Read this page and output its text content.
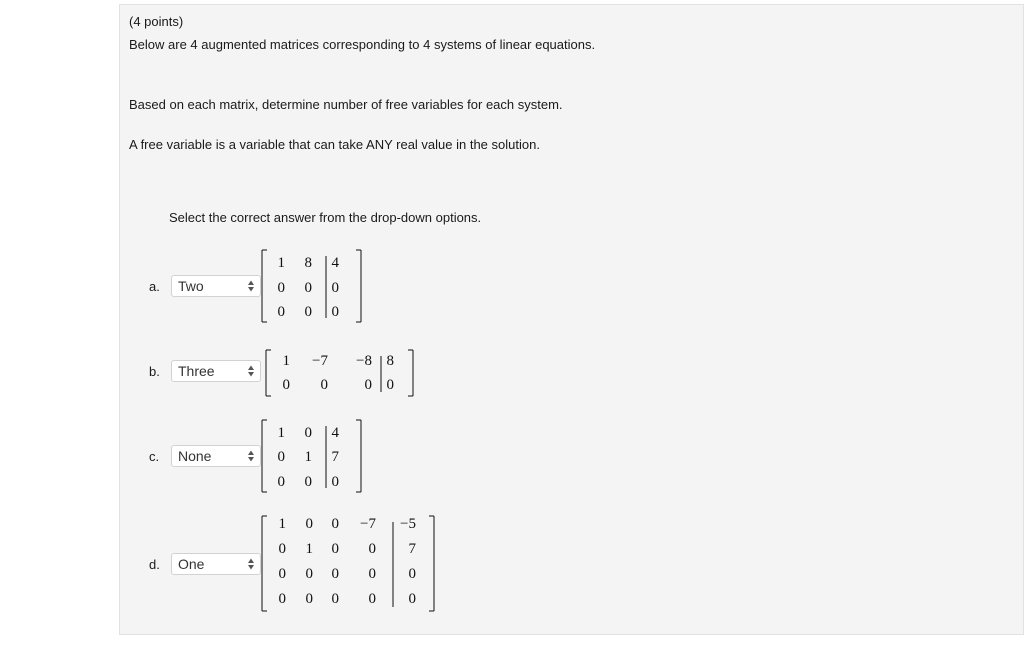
(4 points)
Below are 4 augmented matrices corresponding to 4 systems of linear equations.
Based on each matrix, determine number of free variables for each system.
A free variable is a variable that can take ANY real value in the solution.
Select the correct answer from the drop-down options.
a.	Two
1 8 4
0 0 0
0 0 0
b.	Three
1 −7 −8 8
0 0 0 0
c.	None
1 0 4
0 1 7
0 0 0
d.	One
1 0 0 −7 −5
0 1 0 0 7
0 0 0 0 0
0 0 0 0 0
